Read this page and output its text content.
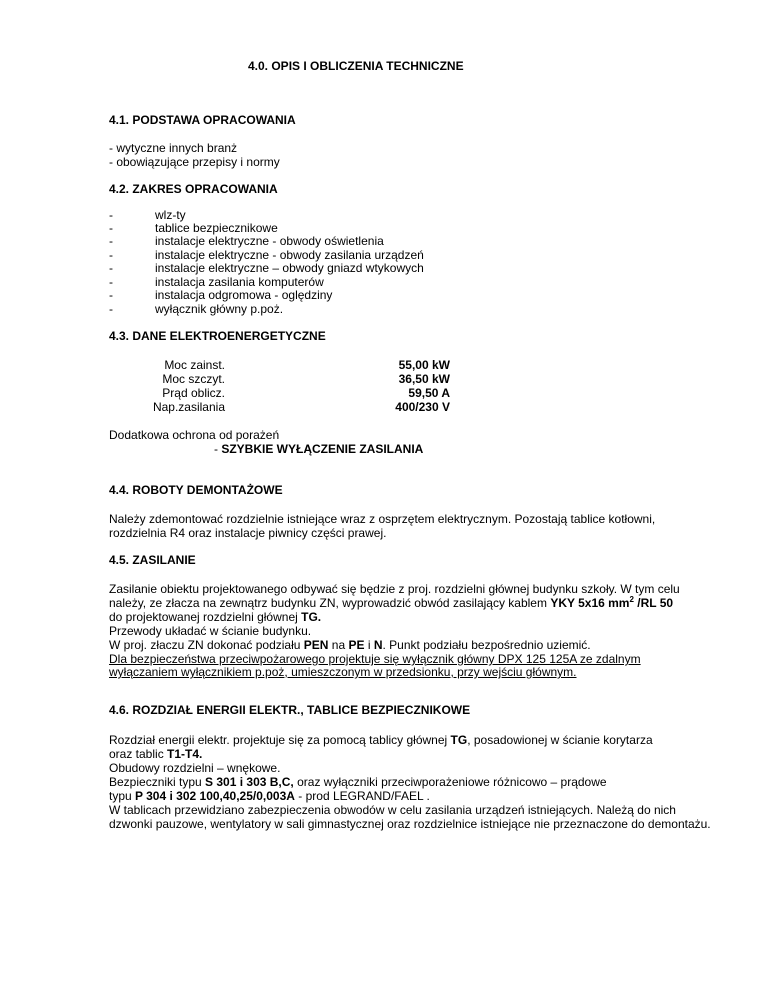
4.0. OPIS I OBLICZENIA TECHNICZNE
4.1. PODSTAWA OPRACOWANIA
- wytyczne innych branż
- obowiązujące przepisy i normy
4.2. ZAKRES OPRACOWANIA
-	wlz-ty
-	tablice bezpiecznikowe
-	instalacje elektryczne - obwody oświetlenia
-	instalacje elektryczne - obwody zasilania urządzeń
-	instalacje elektryczne – obwody gniazd wtykowych
-	instalacja zasilania komputerów
-	instalacja odgromowa - oględziny
-	wyłącznik główny p.poż.
4.3. DANE ELEKTROENERGETYCZNE
Moc zainst.	55,00 kW
Moc szczyt.	36,50 kW
Prąd oblicz.	59,50 A
Nap.zasilania	400/230 V
Dodatkowa ochrona od porażeń
- SZYBKIE WYŁĄCZENIE ZASILANIA
4.4. ROBOTY DEMONTAŻOWE
Należy zdemontować rozdzielnie istniejące wraz z osprzętem elektrycznym. Pozostają tablice kotłowni,
rozdzielnia R4 oraz instalacje piwnicy części prawej.
4.5. ZASILANIE
Zasilanie obiektu projektowanego odbywać się będzie z proj. rozdzielni głównej budynku szkoły. W tym celu
należy, ze złacza na zewnątrz budynku ZN, wyprowadzić obwód zasilający kablem YKY 5x16 $mm^2$ /RL 50
do projektowanej rozdzielni głównej TG.
Przewody układać w ścianie budynku.
W proj. złaczu ZN dokonać podziału PEN na PE i N. Punkt podziału bezpośrednio uziemić.
Dla bezpieczeństwa przeciwpożarowego projektuje się wyłącznik główny DPX 125 125A ze zdalnym
wyłączaniem wyłącznikiem p.poż, umieszczonym w przedsionku, przy wejściu głównym.
4.6. ROZDZIAŁ ENERGII ELEKTR., TABLICE BEZPIECZNIKOWE
Rozdział energii elektr. projektuje się za pomocą tablicy głównej TG, posadowionej w ścianie korytarza
oraz tablic T1-T4.
Obudowy rozdzielni – wnękowe.
Bezpieczniki typu S 301 i 303 B,C, oraz wyłączniki przeciwporażeniowe różnicowo – prądowe
typu P 304 i 302 100,40,25/0,003A - prod LEGRAND/FAEL .
W tablicach przewidziano zabezpieczenia obwodów w celu zasilania urządzeń istniejących. Należą do nich
dzwonki pauzowe, wentylatory w sali gimnastycznej oraz rozdzielnice istniejące nie przeznaczone do demontażu.
